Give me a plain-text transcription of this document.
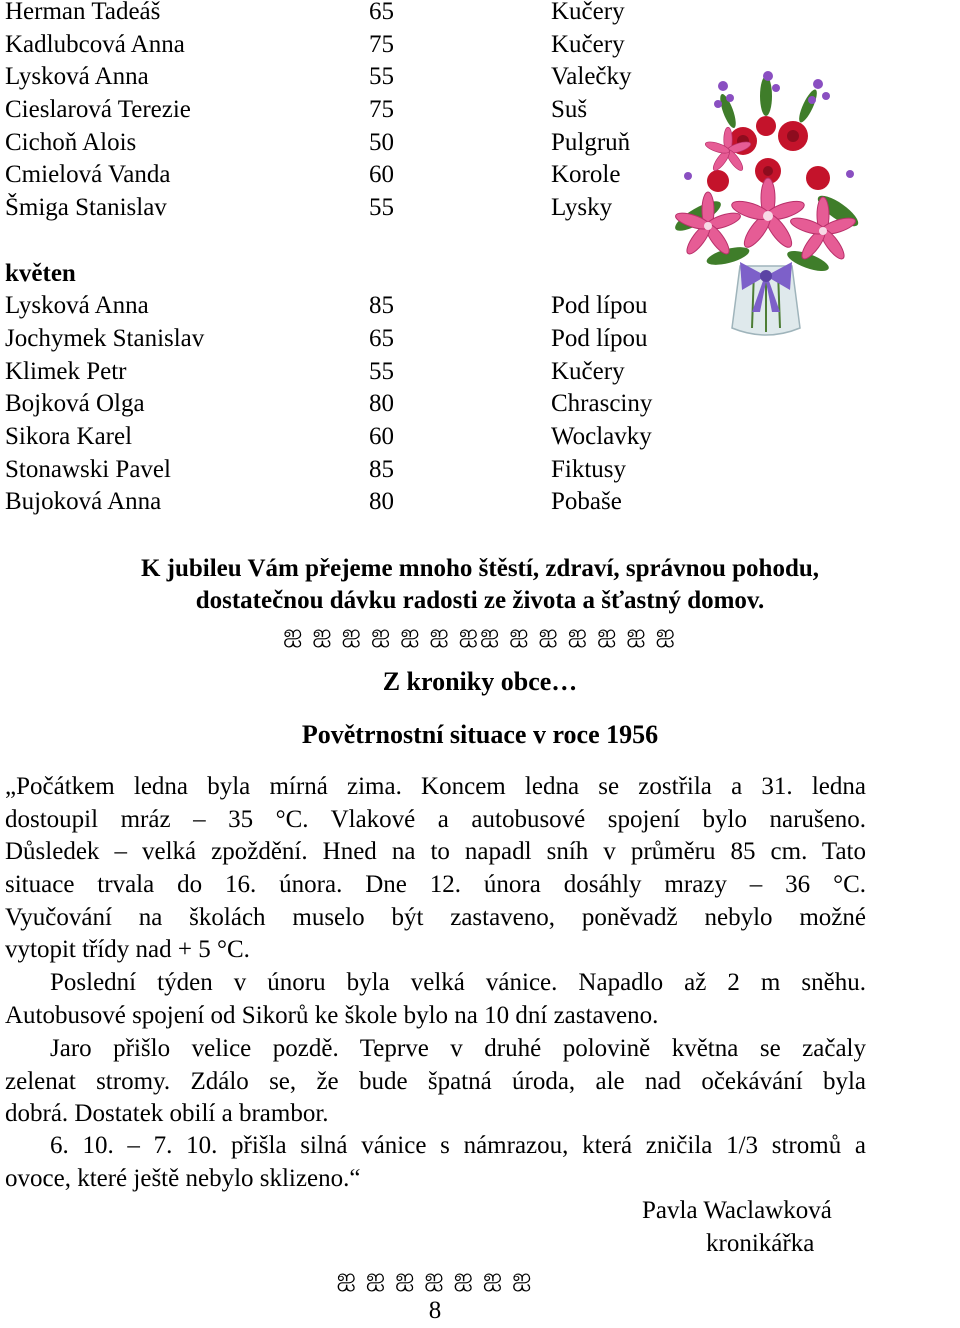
Herman Tadeáš	65	Kučery
Kadlubcová Anna	75	Kučery
Lysková Anna	55	Valečky
Cieslarová Terezie	75	Suš
Cichoň Alois	50	Pulgruň
Cmielová Vanda	60	Korole
Šmiga Stanislav	55	Lysky
květen
Lysková Anna	85	Pod lípou
Jochymek Stanislav	65	Pod lípou
Klimek Petr	55	Kučery
Bojková Olga	80	Chrasciny
Sikora Karel	60	Woclavky
Stonawski Pavel	85	Fiktusy
Bujoková Anna	80	Pobaše
K jubileu Vám přejeme mnoho štěstí, zdraví, správnou pohodu,
dostatečnou dávku radosti ze života a šťastný domov.
ஐ ஐ ஐ ஐ ஐ ஐ ஐஐ ஐ ஐ ஐ ஐ ஐ ஐ
Z kroniky obce…
Povětrnostní situace v roce 1956
„Počátkem ledna byla mírná zima. Koncem ledna se zostřila a 31. ledna
dostoupil mráz – 35 °C. Vlakové a autobusové spojení bylo narušeno.
Důsledek – velká zpoždění. Hned na to napadl sníh v průměru 85 cm. Tato
situace trvala do 16. února. Dne 12. února dosáhly mrazy – 36 °C.
Vyučování na školách muselo být zastaveno, poněvadž nebylo možné
vytopit třídy nad + 5 °C.
Poslední týden v únoru byla velká vánice. Napadlo až 2 m sněhu.
Autobusové spojení od Sikorů ke škole bylo na 10 dní zastaveno.
Jaro přišlo velice pozdě. Teprve v druhé polovině května se začaly
zelenat stromy. Zdálo se, že bude špatná úroda, ale nad očekávání byla
dobrá. Dostatek obilí a brambor.
6. 10. – 7. 10. přišla silná vánice s námrazou, která zničila 1/3 stromů a
ovoce, které ještě nebylo sklizeno.“
Pavla Waclawková
kronikářka
ஐ ஐ ஐ ஐ ஐ ஐ ஐ
8
